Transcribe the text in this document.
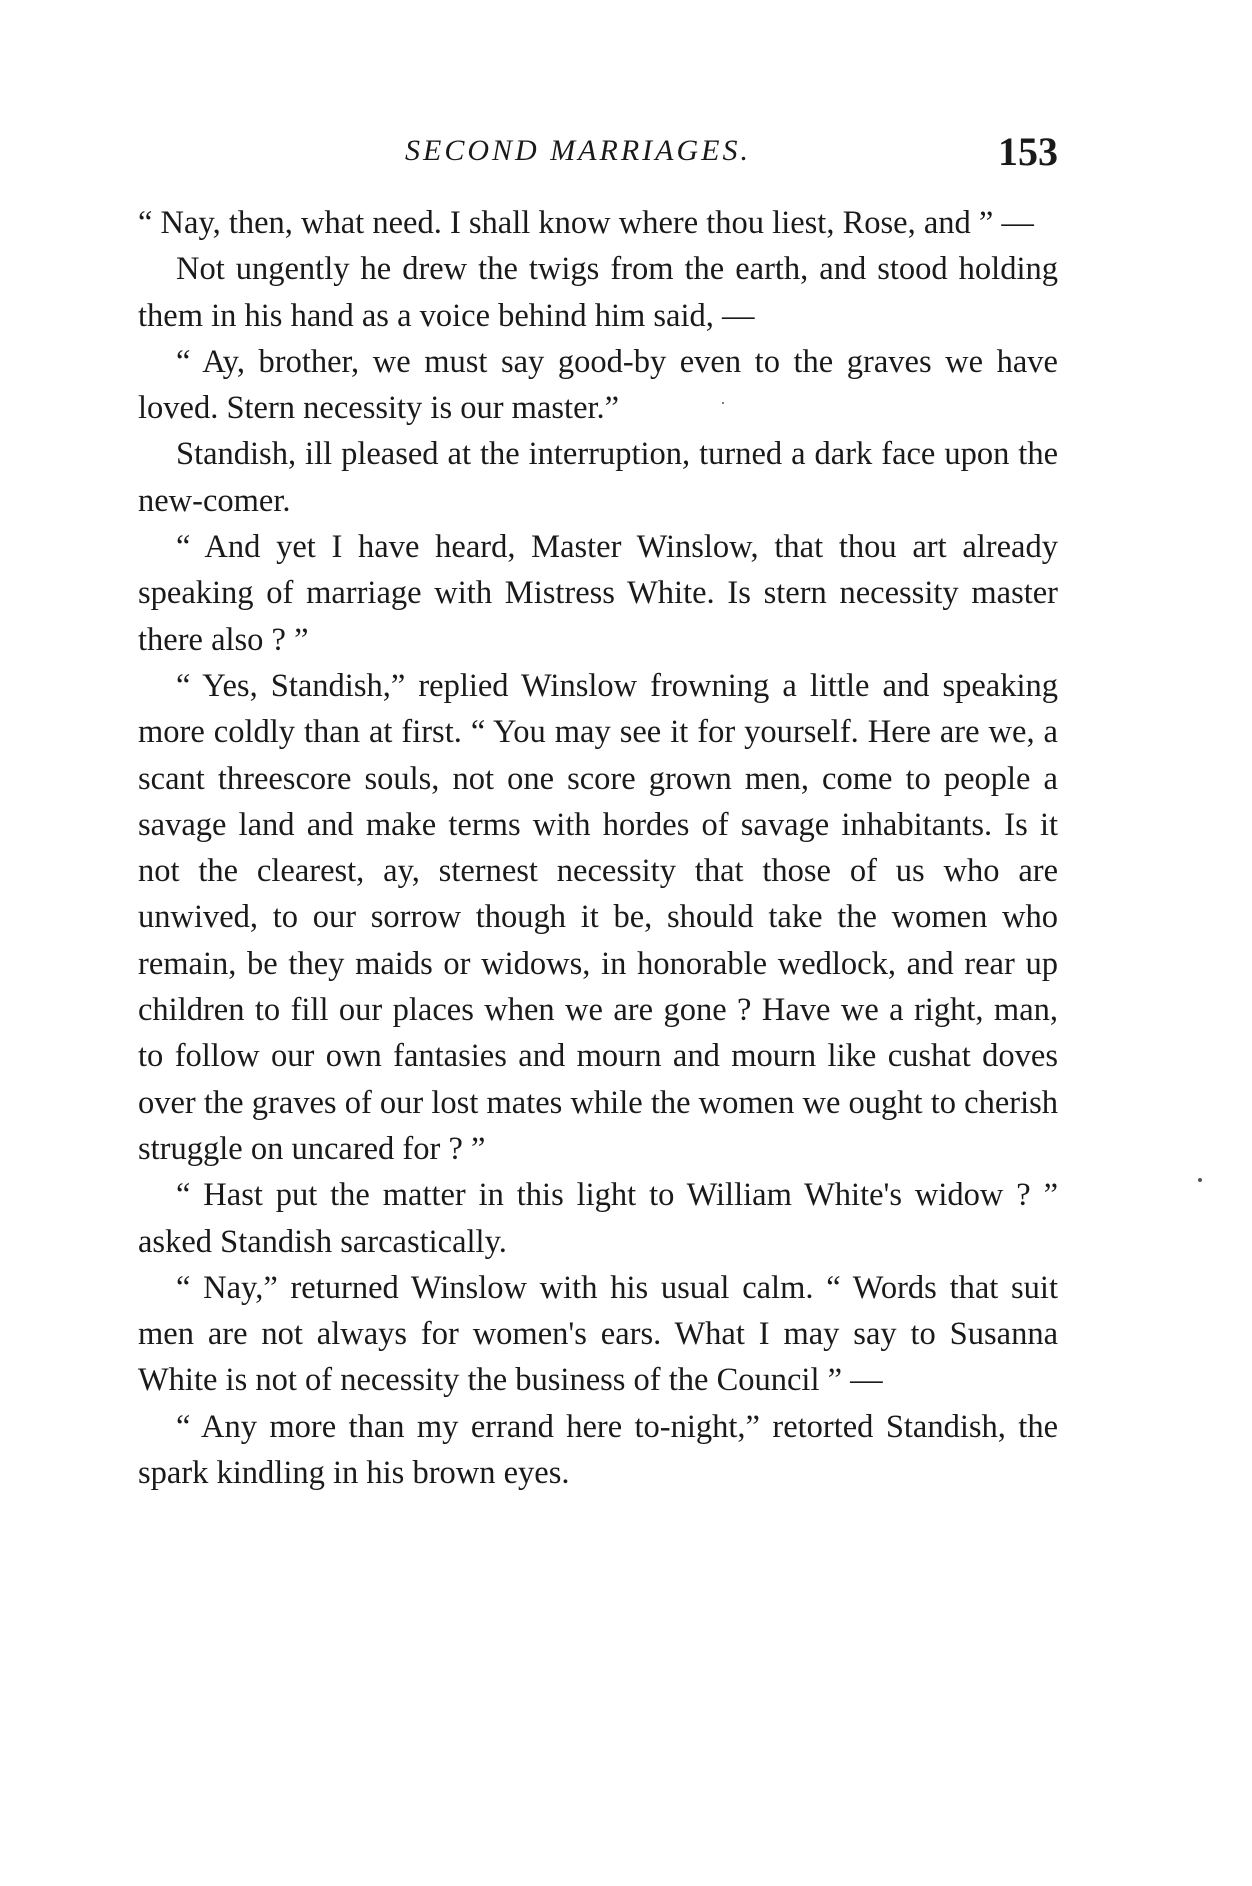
SECOND MARRIAGES.	153

“ Nay, then, what need. I shall know where thou liest, Rose, and ” —

Not ungently he drew the twigs from the earth, and stood holding them in his hand as a voice behind him said, —

“ Ay, brother, we must say good-by even to the graves we have loved. Stern necessity is our master.”

Standish, ill pleased at the interruption, turned a dark face upon the new-comer.

“ And yet I have heard, Master Winslow, that thou art already speaking of marriage with Mistress White. Is stern necessity master there also ? ”

“ Yes, Standish,” replied Winslow frowning a little and speaking more coldly than at first. “ You may see it for yourself. Here are we, a scant threescore souls, not one score grown men, come to people a savage land and make terms with hordes of savage inhabitants. Is it not the clearest, ay, sternest necessity that those of us who are unwived, to our sorrow though it be, should take the women who remain, be they maids or widows, in honorable wedlock, and rear up children to fill our places when we are gone ? Have we a right, man, to follow our own fantasies and mourn and mourn like cushat doves over the graves of our lost mates while the women we ought to cherish struggle on uncared for ? ”

“ Hast put the matter in this light to William White's widow ? ” asked Standish sarcastically.

“ Nay,” returned Winslow with his usual calm. “ Words that suit men are not always for women's ears. What I may say to Susanna White is not of necessity the business of the Council ” —

“ Any more than my errand here to-night,” retorted Standish, the spark kindling in his brown eyes.
